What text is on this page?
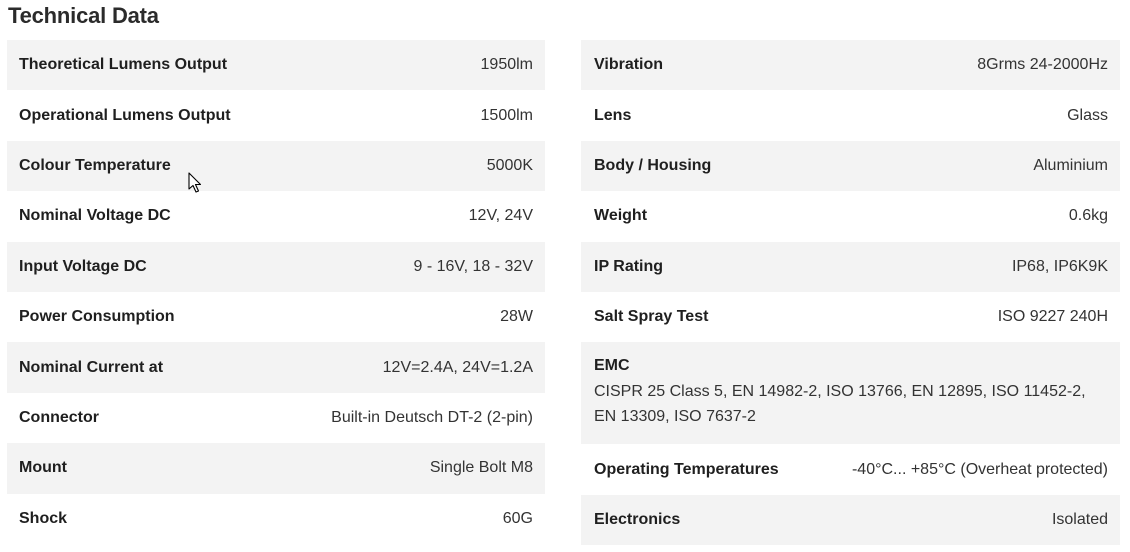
Technical Data
Theoretical Lumens Output	1950lm
Operational Lumens Output	1500lm
Colour Temperature	5000K
Nominal Voltage DC	12V, 24V
Input Voltage DC	9 - 16V, 18 - 32V
Power Consumption	28W
Nominal Current at	12V=2.4A, 24V=1.2A
Connector	Built-in Deutsch DT-2 (2-pin)
Mount	Single Bolt M8
Shock	60G
Vibration	8Grms 24-2000Hz
Lens	Glass
Body / Housing	Aluminium
Weight	0.6kg
IP Rating	IP68, IP6K9K
Salt Spray Test	ISO 9227 240H
EMC
CISPR 25 Class 5, EN 14982-2, ISO 13766, EN 12895, ISO 11452-2, EN 13309, ISO 7637-2
Operating Temperatures	-40°C... +85°C (Overheat protected)
Electronics	Isolated
